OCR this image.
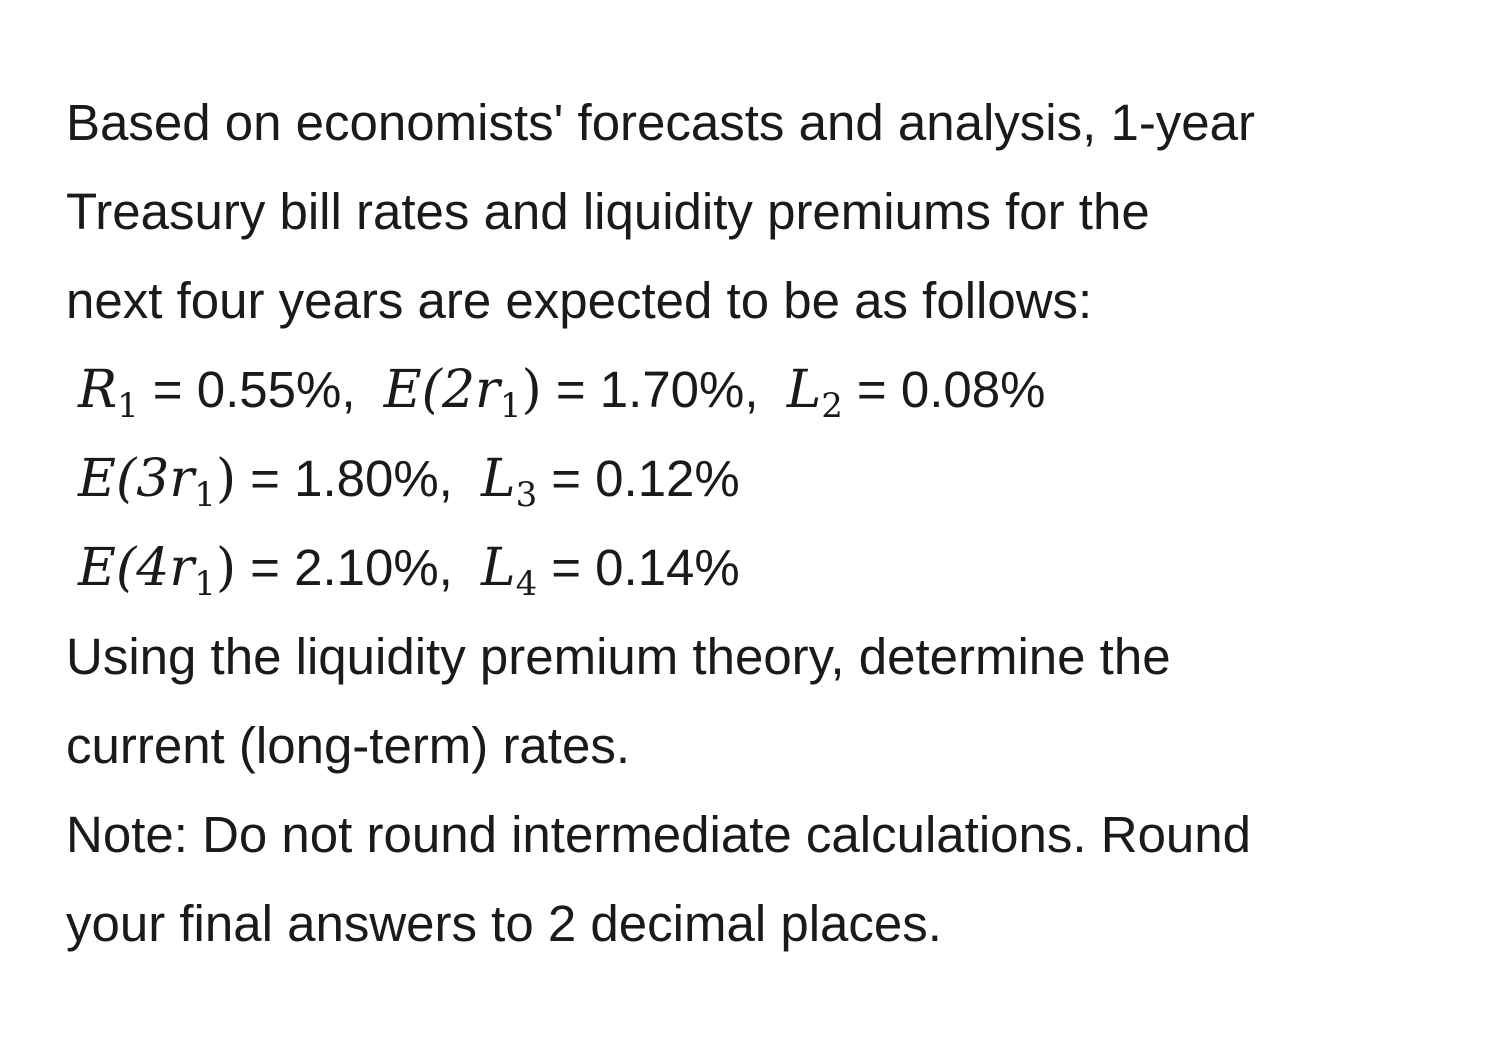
Based on economists' forecasts and analysis, 1-year
Treasury bill rates and liquidity premiums for the
next four years are expected to be as follows:
$R_1 = 0.55\%$, $E(2r_1) = 1.70\%$, $L_2 = 0.08\%$
$E(3r_1) = 1.80\%$, $L_3 = 0.12\%$
$E(4r_1) = 2.10\%$, $L_4 = 0.14\%$
Using the liquidity premium theory, determine the
current (long-term) rates.
Note: Do not round intermediate calculations. Round
your final answers to 2 decimal places.
